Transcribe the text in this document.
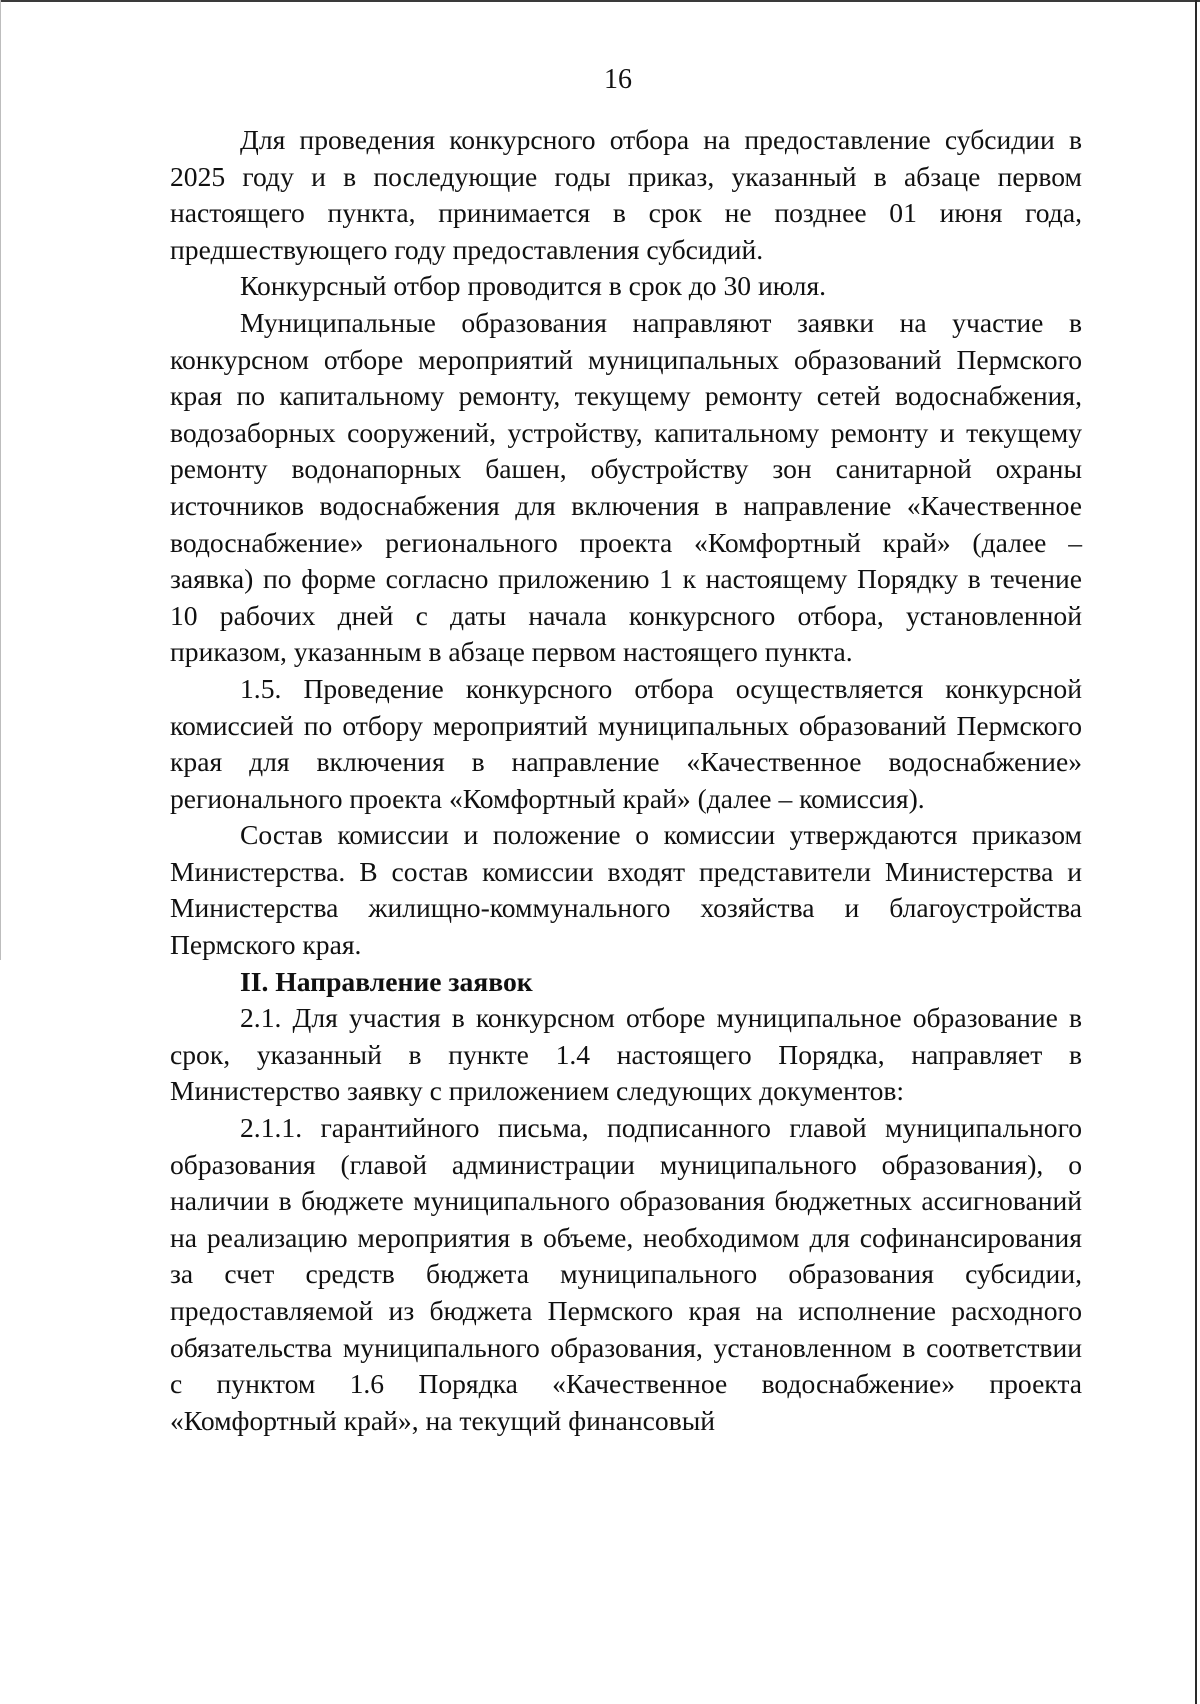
16

Для проведения конкурсного отбора на предоставление субсидии в 2025 году и в последующие годы приказ, указанный в абзаце первом настоящего пункта, принимается в срок не позднее 01 июня года, предшествующего году предоставления субсидий.

Конкурсный отбор проводится в срок до 30 июля.

Муниципальные образования направляют заявки на участие в конкурсном отборе мероприятий муниципальных образований Пермского края по капитальному ремонту, текущему ремонту сетей водоснабжения, водозаборных сооружений, устройству, капитальному ремонту и текущему ремонту водонапорных башен, обустройству зон санитарной охраны источников водоснабжения для включения в направление «Качественное водоснабжение» регионального проекта «Комфортный край» (далее – заявка) по форме согласно приложению 1 к настоящему Порядку в течение 10 рабочих дней с даты начала конкурсного отбора, установленной приказом, указанным в абзаце первом настоящего пункта.

1.5. Проведение конкурсного отбора осуществляется конкурсной комиссией по отбору мероприятий муниципальных образований Пермского края для включения в направление «Качественное водоснабжение» регионального проекта «Комфортный край» (далее – комиссия).

Состав комиссии и положение о комиссии утверждаются приказом Министерства. В состав комиссии входят представители Министерства и Министерства жилищно-коммунального хозяйства и благоустройства Пермского края.

II. Направление заявок

2.1. Для участия в конкурсном отборе муниципальное образование в срок, указанный в пункте 1.4 настоящего Порядка, направляет в Министерство заявку с приложением следующих документов:

2.1.1. гарантийного письма, подписанного главой муниципального образования (главой администрации муниципального образования), о наличии в бюджете муниципального образования бюджетных ассигнований на реализацию мероприятия в объеме, необходимом для софинансирования за счет средств бюджета муниципального образования субсидии, предоставляемой из бюджета Пермского края на исполнение расходного обязательства муниципального образования, установленном в соответствии с пунктом 1.6 Порядка «Качественное водоснабжение» проекта «Комфортный край», на текущий финансовый
